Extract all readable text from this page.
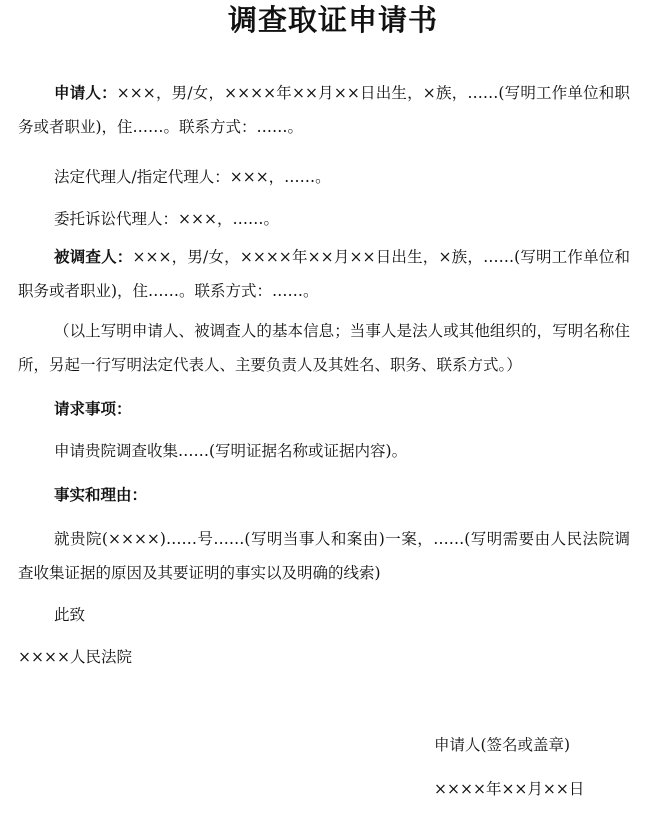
调查取证申请书
申请人：×××，男/女，××××年××月××日出生，×族，……(写明工作单位和职务或者职业)，住……。联系方式：……。
法定代理人/指定代理人：×××，……。
委托诉讼代理人：×××，……。
被调查人：×××，男/女，××××年××月××日出生，×族，……(写明工作单位和职务或者职业)，住……。联系方式：……。
（以上写明申请人、被调查人的基本信息；当事人是法人或其他组织的，写明名称住所，另起一行写明法定代表人、主要负责人及其姓名、职务、联系方式。）
请求事项：
申请贵院调查收集……(写明证据名称或证据内容)。
事实和理由：
就贵院(××××)……号……(写明当事人和案由)一案，……(写明需要由人民法院调查收集证据的原因及其要证明的事实以及明确的线索)
此致
××××人民法院
申请人(签名或盖章)
××××年××月××日
